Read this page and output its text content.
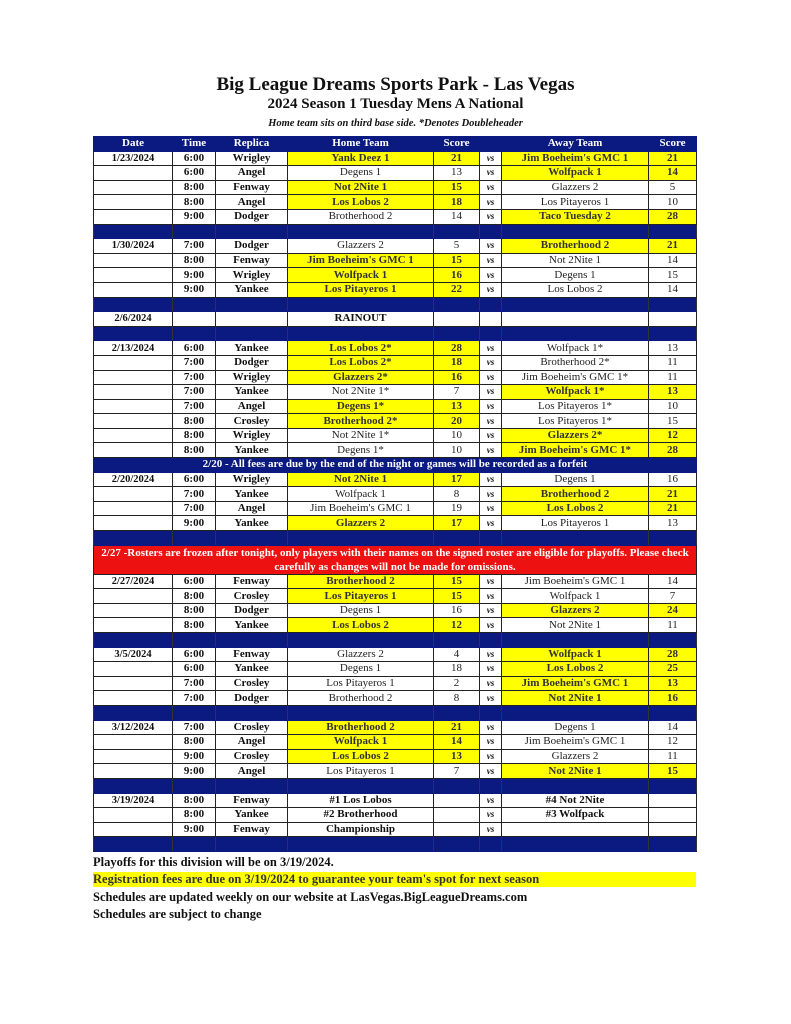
Big League Dreams Sports Park - Las Vegas
2024 Season 1 Tuesday Mens A National
Home team sits on third base side. *Denotes Doubleheader
Date	Time	Replica	Home Team	Score		Away Team	Score
1/23/2024	6:00	Wrigley	Yank Deez 1	21	vs	Jim Boeheim's GMC 1	21
	6:00	Angel	Degens 1	13	vs	Wolfpack 1	14
	8:00	Fenway	Not 2Nite 1	15	vs	Glazzers 2	5
	8:00	Angel	Los Lobos 2	18	vs	Los Pitayeros 1	10
	9:00	Dodger	Brotherhood 2	14	vs	Taco Tuesday 2	28

1/30/2024	7:00	Dodger	Glazzers 2	5	vs	Brotherhood 2	21
	8:00	Fenway	Jim Boeheim's GMC 1	15	vs	Not 2Nite 1	14
	9:00	Wrigley	Wolfpack 1	16	vs	Degens 1	15
	9:00	Yankee	Los Pitayeros 1	22	vs	Los Lobos 2	14

2/6/2024			RAINOUT				

2/13/2024	6:00	Yankee	Los Lobos 2*	28	vs	Wolfpack 1*	13
	7:00	Dodger	Los Lobos 2*	18	vs	Brotherhood 2*	11
	7:00	Wrigley	Glazzers 2*	16	vs	Jim Boeheim's GMC 1*	11
	7:00	Yankee	Not 2Nite 1*	7	vs	Wolfpack 1*	13
	7:00	Angel	Degens 1*	13	vs	Los Pitayeros 1*	10
	8:00	Crosley	Brotherhood 2*	20	vs	Los Pitayeros 1*	15
	8:00	Wrigley	Not 2Nite 1*	10	vs	Glazzers 2*	12
	8:00	Yankee	Degens 1*	10	vs	Jim Boeheim's GMC 1*	28
2/20 - All fees are due by the end of the night or games will be recorded as a forfeit							
2/20/2024	6:00	Wrigley	Not 2Nite 1	17	vs	Degens 1	16
	7:00	Yankee	Wolfpack 1	8	vs	Brotherhood 2	21
	7:00	Angel	Jim Boeheim's GMC 1	19	vs	Los Lobos 2	21
	9:00	Yankee	Glazzers 2	17	vs	Los Pitayeros 1	13

2/27 -Rosters are frozen after tonight, only players with their names on the signed roster are eligible for playoffs. Please check carefully as changes will not be made for omissions.							
2/27/2024	6:00	Fenway	Brotherhood 2	15	vs	Jim Boeheim's GMC 1	14
	8:00	Crosley	Los Pitayeros 1	15	vs	Wolfpack 1	7
	8:00	Dodger	Degens 1	16	vs	Glazzers 2	24
	8:00	Yankee	Los Lobos 2	12	vs	Not 2Nite 1	11

3/5/2024	6:00	Fenway	Glazzers 2	4	vs	Wolfpack 1	28
	6:00	Yankee	Degens 1	18	vs	Los Lobos 2	25
	7:00	Crosley	Los Pitayeros 1	2	vs	Jim Boeheim's GMC 1	13
	7:00	Dodger	Brotherhood 2	8	vs	Not 2Nite 1	16

3/12/2024	7:00	Crosley	Brotherhood 2	21	vs	Degens 1	14
	8:00	Angel	Wolfpack 1	14	vs	Jim Boeheim's GMC 1	12
	9:00	Crosley	Los Lobos 2	13	vs	Glazzers 2	11
	9:00	Angel	Los Pitayeros 1	7	vs	Not 2Nite 1	15

3/19/2024	8:00	Fenway	#1 Los Lobos		vs	#4 Not 2Nite	
	8:00	Yankee	#2 Brotherhood		vs	#3 Wolfpack	
	9:00	Fenway	Championship		vs		

Playoffs for this division will be on 3/19/2024.
Registration fees are due on 3/19/2024 to guarantee your team's spot for next season
Schedules are updated weekly on our website at LasVegas.BigLeagueDreams.com
Schedules are subject to change
